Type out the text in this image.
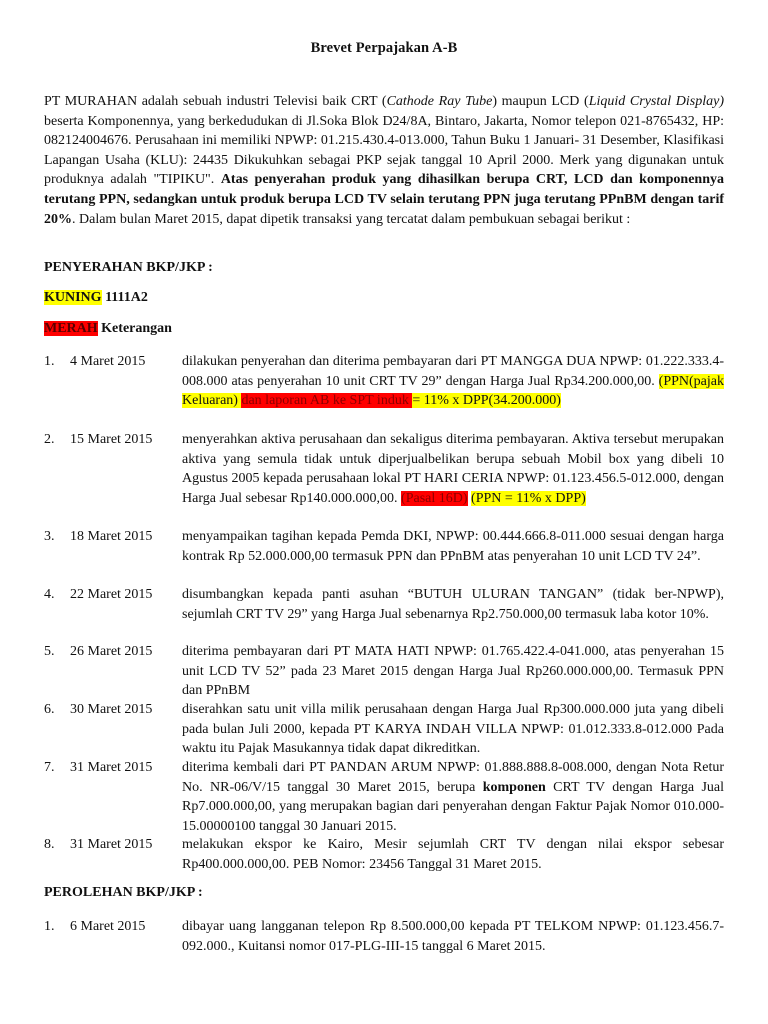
Brevet Perpajakan A-B
PT MURAHAN adalah sebuah industri Televisi baik CRT (Cathode Ray Tube) maupun LCD (Liquid Crystal Display) beserta Komponennya, yang berkedudukan di Jl.Soka Blok D24/8A, Bintaro, Jakarta, Nomor telepon 021-8765432, HP: 082124004676. Perusahaan ini memiliki NPWP: 01.215.430.4-013.000, Tahun Buku 1 Januari- 31 Desember, Klasifikasi Lapangan Usaha (KLU): 24435 Dikukuhkan sebagai PKP sejak tanggal 10 April 2000. Merk yang digunakan untuk produknya adalah "TIPIKU". Atas penyerahan produk yang dihasilkan berupa CRT, LCD dan komponennya terutang PPN, sedangkan untuk produk berupa LCD TV selain terutang PPN juga terutang PPnBM dengan tarif 20%. Dalam bulan Maret 2015, dapat dipetik transaksi yang tercatat dalam pembukuan sebagai berikut :
PENYERAHAN BKP/JKP :
KUNING 1111A2
MERAH Keterangan
1.	4 Maret 2015	dilakukan penyerahan dan diterima pembayaran dari PT MANGGA DUA NPWP: 01.222.333.4-008.000 atas penyerahan 10 unit CRT TV 29” dengan Harga Jual Rp34.200.000,00. (PPN(pajak Keluaran) dan laporan AB ke SPT induk = 11% x DPP(34.200.000)
2.	15 Maret 2015	menyerahkan aktiva perusahaan dan sekaligus diterima pembayaran. Aktiva tersebut merupakan aktiva yang semula tidak untuk diperjualbelikan berupa sebuah Mobil box yang dibeli 10 Agustus 2005 kepada perusahaan lokal PT HARI CERIA NPWP: 01.123.456.5-012.000, dengan Harga Jual sebesar Rp140.000.000,00. (Pasal 16D) (PPN = 11% x DPP)
3.	18 Maret 2015	menyampaikan tagihan kepada Pemda DKI, NPWP: 00.444.666.8-011.000 sesuai dengan harga kontrak Rp 52.000.000,00 termasuk PPN dan PPnBM atas penyerahan 10 unit LCD TV 24”.
4.	22 Maret 2015	disumbangkan kepada panti asuhan “BUTUH ULURAN TANGAN” (tidak ber-NPWP), sejumlah CRT TV 29” yang Harga Jual sebenarnya Rp2.750.000,00 termasuk laba kotor 10%.
5.	26 Maret 2015	diterima pembayaran dari PT MATA HATI NPWP: 01.765.422.4-041.000, atas penyerahan 15 unit LCD TV 52” pada 23 Maret 2015 dengan Harga Jual Rp260.000.000,00. Termasuk PPN dan PPnBM
6.	30 Maret 2015	diserahkan satu unit villa milik perusahaan dengan Harga Jual Rp300.000.000 juta yang dibeli pada bulan Juli 2000, kepada PT KARYA INDAH VILLA NPWP: 01.012.333.8-012.000 Pada waktu itu Pajak Masukannya tidak dapat dikreditkan.
7.	31 Maret 2015	diterima kembali dari PT PANDAN ARUM NPWP: 01.888.888.8-008.000, dengan Nota Retur No. NR-06/V/15 tanggal 30 Maret 2015, berupa komponen CRT TV dengan Harga Jual Rp7.000.000,00, yang merupakan bagian dari penyerahan dengan Faktur Pajak Nomor 010.000-15.00000100 tanggal 30 Januari 2015.
8.	31 Maret 2015	melakukan ekspor ke Kairo, Mesir sejumlah CRT TV dengan nilai ekspor sebesar Rp400.000.000,00. PEB Nomor: 23456 Tanggal 31 Maret 2015.
PEROLEHAN BKP/JKP :
1.	6 Maret 2015	dibayar uang langganan telepon Rp 8.500.000,00 kepada PT TELKOM NPWP: 01.123.456.7-092.000., Kuitansi nomor 017-PLG-III-15 tanggal 6 Maret 2015.
